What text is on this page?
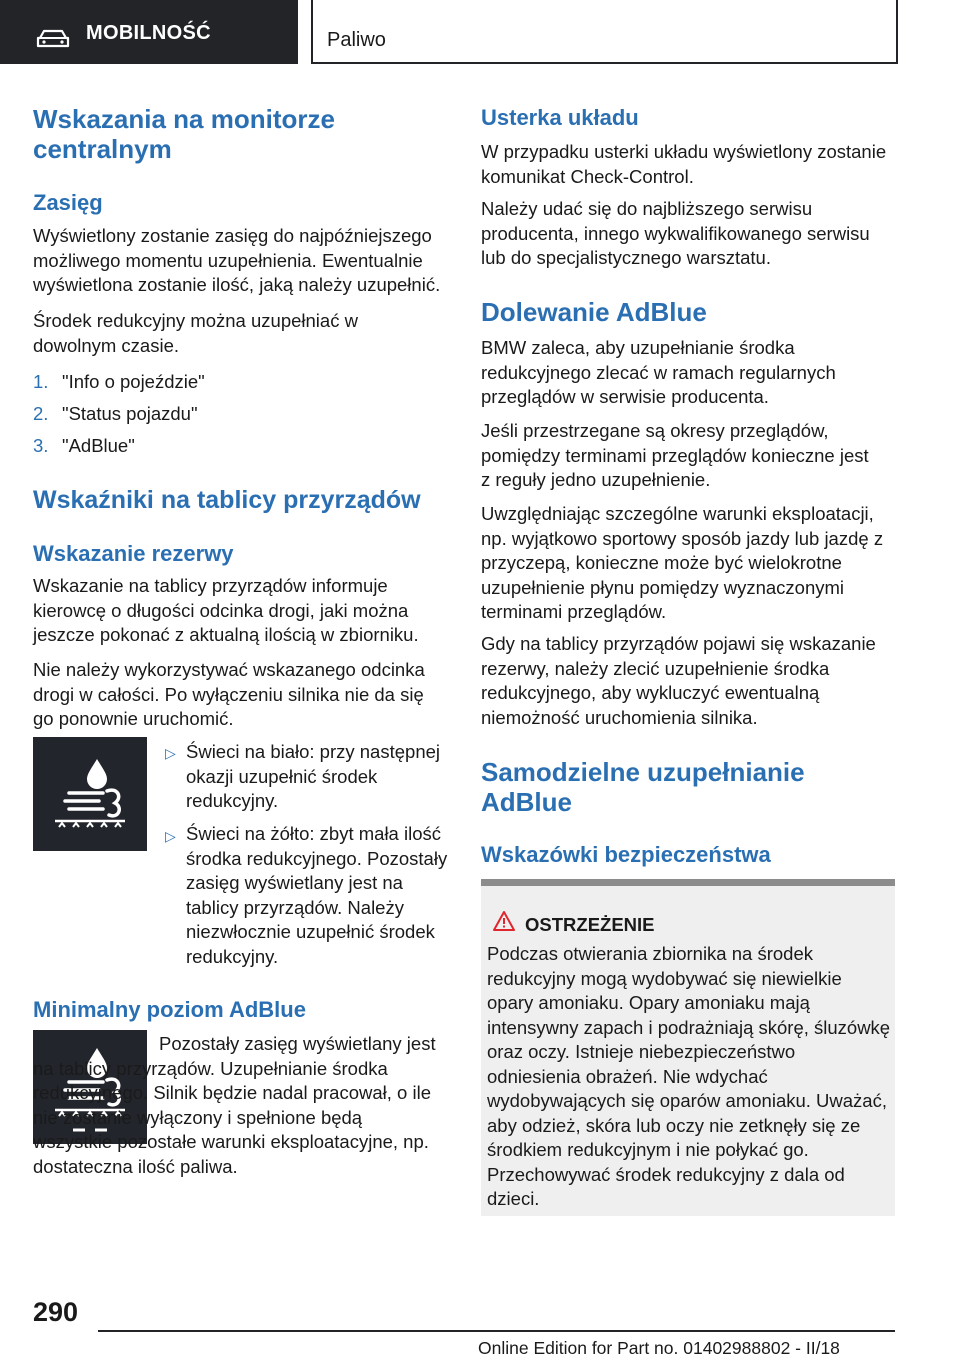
MOBILNOŚĆ	Paliwo
Wskazania na monitorze centralnym
Zasięg

Wyświetlony zostanie zasięg do najpóźniejszego możliwego momentu uzupełnienia. Ewentualnie wyświetlona zostanie ilość, jaką należy uzupełnić.

Środek redukcyjny można uzupełniać w dowolnym czasie.

1. "Info o pojeździe"
2. "Status pojazdu"
3. "AdBlue"
Wskaźniki na tablicy przyrządów
Wskazanie rezerwy

Wskazanie na tablicy przyrządów informuje kierowcę o długości odcinka drogi, jaki można jeszcze pokonać z aktualną ilością w zbiorniku.

Nie należy wykorzystywać wskazanego odcinka drogi w całości. Po wyłączeniu silnika nie da się go ponownie uruchomić.

▷ Świeci na biało: przy następnej okazji uzupełnić środek redukcyjny.

▷ Świeci na żółto: zbyt mała ilość środka redukcyjnego. Pozostały zasięg wyświetlany jest na tablicy przyrządów. Należy niezwłocznie uzupełnić środek redukcyjny.

Minimalny poziom AdBlue

Pozostały zasięg wyświetlany jest na tablicy przyrządów. Uzupełnianie środka redukcyjnego. Silnik będzie nadal pracował, o ile nie zostanie wyłączony i spełnione będą wszystkie pozostałe warunki eksploatacyjne, np. dostateczna ilość paliwa.

Usterka układu

W przypadku usterki układu wyświetlony zostanie komunikat Check-Control.

Należy udać się do najbliższego serwisu producenta, innego wykwalifikowanego serwisu lub do specjalistycznego warsztatu.

Dolewanie AdBlue

BMW zaleca, aby uzupełnianie środka redukcyjnego zlecać w ramach regularnych przeglądów w serwisie producenta.

Jeśli przestrzegane są okresy przeglądów, pomiędzy terminami przeglądów konieczne jest z reguły jedno uzupełnienie.

Uwzględniając szczególne warunki eksploatacji, np. wyjątkowo sportowy sposób jazdy lub jazdę z przyczepą, konieczne może być wielokrotne uzupełnienie płynu pomiędzy wyznaczonymi terminami przeglądów.

Gdy na tablicy przyrządów pojawi się wskazanie rezerwy, należy zlecić uzupełnienie środka redukcyjnego, aby wykluczyć ewentualną niemożność uruchomienia silnika.

Samodzielne uzupełnianie AdBlue
Wskazówki bezpieczeństwa
OSTRZEŻENIE

Podczas otwierania zbiornika na środek redukcyjny mogą wydobywać się niewielkie opary amoniaku. Opary amoniaku mają intensywny zapach i podrażniają skórę, śluzówkę oraz oczy. Istnieje niebezpieczeństwo odniesienia obrażeń. Nie wdychać wydobywających się oparów amoniaku. Uważać, aby odzież, skóra lub oczy nie zetknęły się ze środkiem redukcyjnym i nie połykać go. Przechowywać środek redukcyjny z dala od dzieci.

290
Online Edition for Part no. 01402988802 - II/18
